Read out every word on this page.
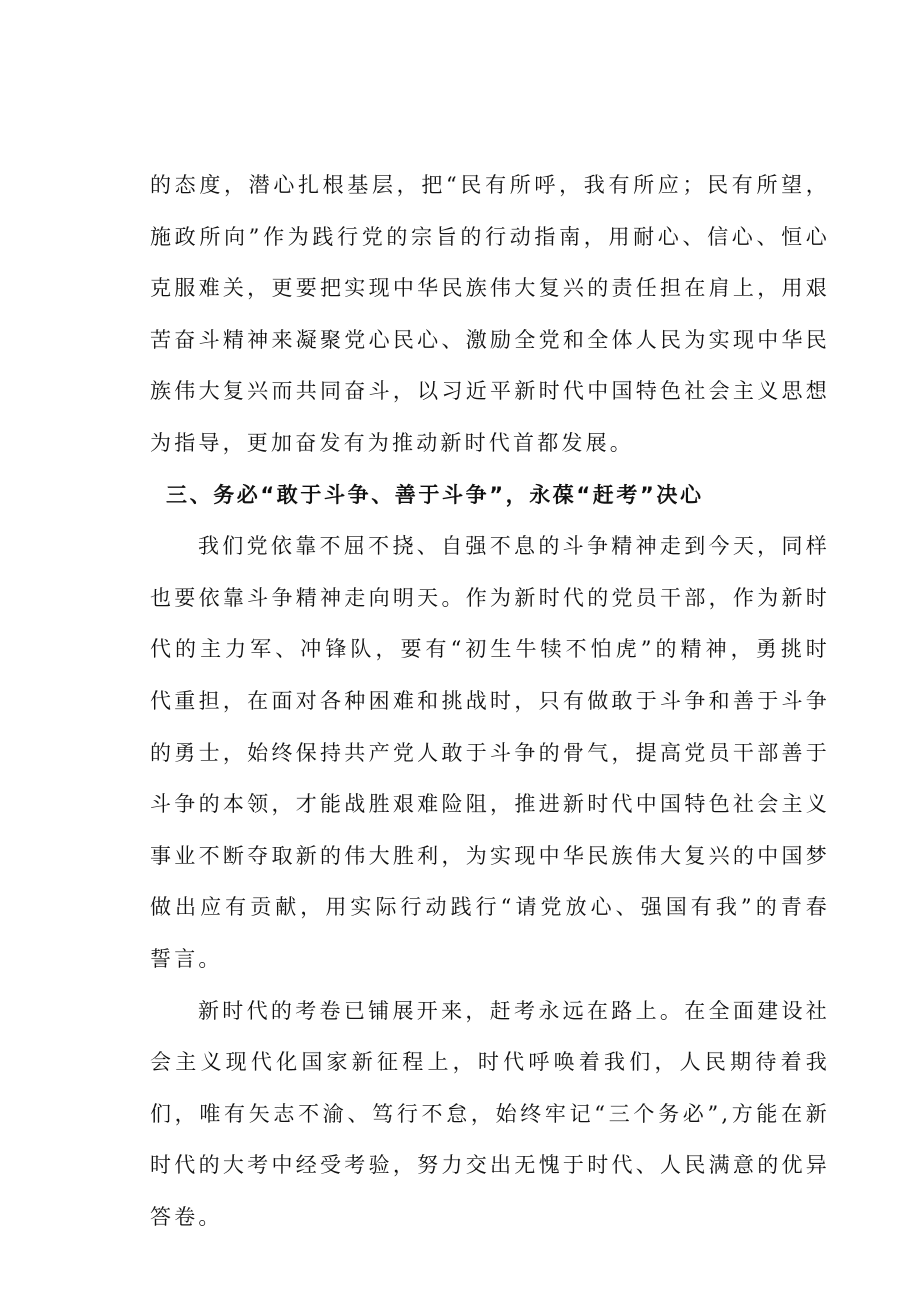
的态度，潜心扎根基层，把“民有所呼，我有所应；民有所望，施政所向”作为践行党的宗旨的行动指南，用耐心、信心、恒心克服难关，更要把实现中华民族伟大复兴的责任担在肩上，用艰苦奋斗精神来凝聚党心民心、激励全党和全体人民为实现中华民族伟大复兴而共同奋斗，以习近平新时代中国特色社会主义思想为指导，更加奋发有为推动新时代首都发展。

三、务必“敢于斗争、善于斗争”，永葆“赶考”决心

我们党依靠不屈不挠、自强不息的斗争精神走到今天，同样也要依靠斗争精神走向明天。作为新时代的党员干部，作为新时代的主力军、冲锋队，要有“初生牛犊不怕虎”的精神，勇挑时代重担，在面对各种困难和挑战时，只有做敢于斗争和善于斗争的勇士，始终保持共产党人敢于斗争的骨气，提高党员干部善于斗争的本领，才能战胜艰难险阻，推进新时代中国特色社会主义事业不断夺取新的伟大胜利，为实现中华民族伟大复兴的中国梦做出应有贡献，用实际行动践行“请党放心、强国有我”的青春誓言。

新时代的考卷已铺展开来，赶考永远在路上。在全面建设社会主义现代化国家新征程上，时代呼唤着我们，人民期待着我们，唯有矢志不渝、笃行不怠，始终牢记“三个务必”,方能在新时代的大考中经受考验，努力交出无愧于时代、人民满意的优异答卷。
